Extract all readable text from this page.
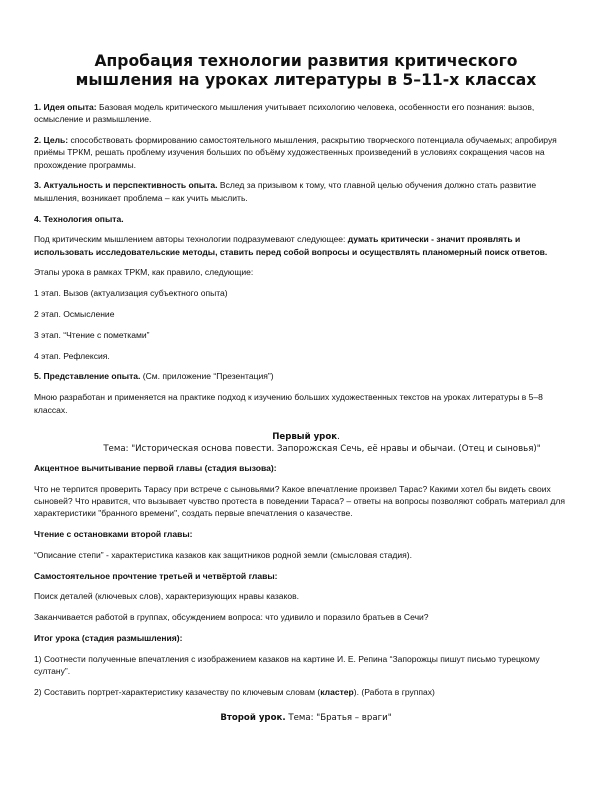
Апробация технологии развития критического
мышления на уроках литературы в 5–11-х классах

1. Идея опыта: Базовая модель критического мышления учитывает психологию человека, особенности его познания: вызов, осмысление и размышление.

2. Цель: способствовать формированию самостоятельного мышления, раскрытию творческого потенциала обучаемых; апробируя приёмы ТРКМ, решать проблему изучения больших по объёму художественных произведений в условиях сокращения часов на прохождение программы.

3. Актуальность и перспективность опыта. Вслед за призывом к тому, что главной целью обучения должно стать развитие мышления, возникает проблема – как учить мыслить.

4. Технология опыта.

Под критическим мышлением авторы технологии подразумевают следующее: думать критически - значит проявлять и использовать исследовательские методы, ставить перед собой вопросы и осуществлять планомерный поиск ответов.

Этапы урока в рамках ТРКМ, как правило, следующие:

1 этап. Вызов (актуализация субъектного опыта)

2 этап. Осмысление

3 этап. “Чтение с пометками”

4 этап. Рефлексия.

5. Представление опыта. (См. приложение “Презентация”)

Мною разработан и применяется на практике подход к изучению больших художественных текстов на уроках литературы в 5–8 классах.

Первый урок.
Тема: "Историческая основа повести. Запорожская Сечь, её нравы и обычаи. (Отец и сыновья)"

Акцентное вычитывание первой главы (стадия вызова):

Что не терпится проверить Тарасу при встрече с сыновьями? Какое впечатление произвел Тарас? Какими хотел бы видеть своих сыновей? Что нравится, что вызывает чувство протеста в поведении Тараса? – ответы на вопросы позволяют собрать материал для характеристики "бранного времени", создать первые впечатления о казачестве.

Чтение с остановками второй главы:

“Описание степи” - характеристика казаков как защитников родной земли (смысловая стадия).

Самостоятельное прочтение третьей и четвёртой главы:

Поиск деталей (ключевых слов), характеризующих нравы казаков.

Заканчивается работой в группах, обсуждением вопроса: что удивило и поразило братьев в Сечи?

Итог урока (стадия размышления):

1) Соотнести полученные впечатления с изображением казаков на картине И. Е. Репина “Запорожцы пишут письмо турецкому султану”.

2) Составить портрет-характеристику казачеству по ключевым словам (кластер). (Работа в группах)

Второй урок. Тема: "Братья – враги"
